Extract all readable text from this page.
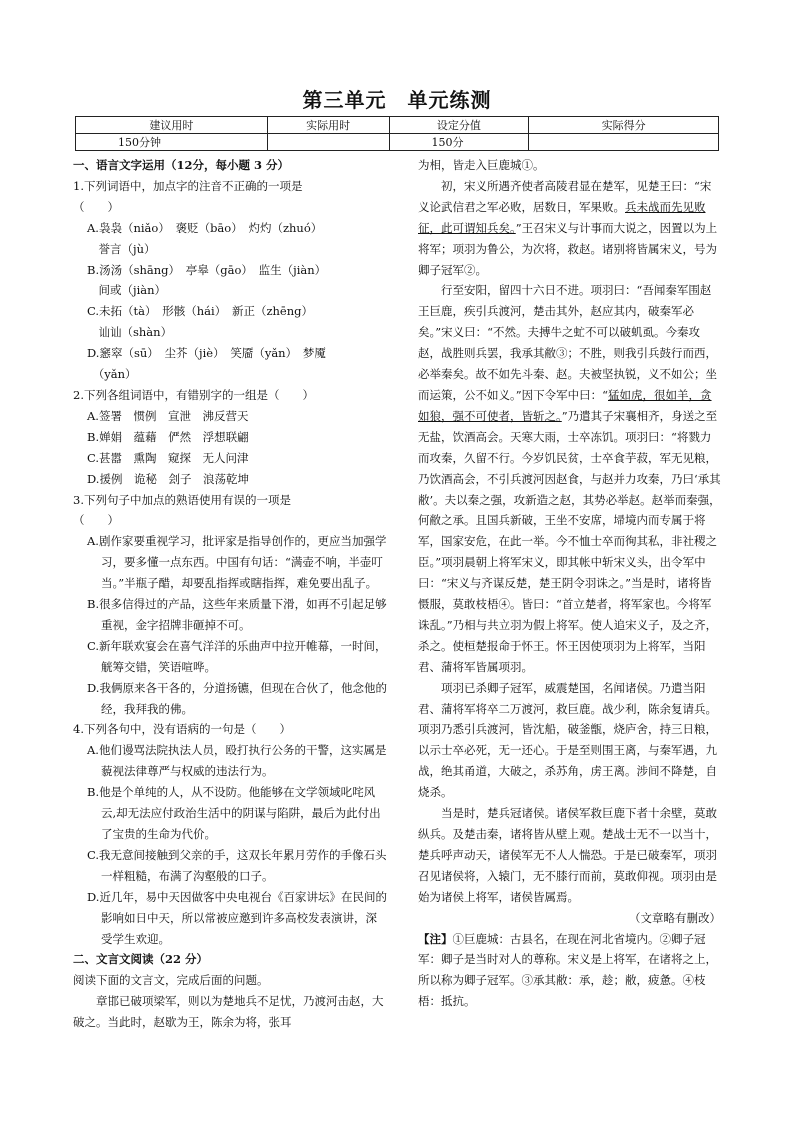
第三单元　单元练测
建议用时	实际用时	设定分值	实际得分
150分钟		150分	
一、语言文字运用（12分，每小题 3 分）
1.下列词语中，加点字的注音不正确的一项是
（　　）
A.袅袅（niǎo）　褒贬（bāo）　灼灼（zhuó）
　誉言（jù）
B.汤汤（shāng）　亭皋（gāo）　监生（jiàn）
　间或（jiàn）
C.未拓（tà）　形骸（hái）　新正（zhēng）
　讪讪（shàn）
D.窸窣（sū）　尘芥（jiè）　笑靥（yǎn）　梦魇
　（yǎn）
2.下列各组词语中，有错别字的一组是（　　）
A.签署　惯例　宣泄　沸反营天
B.婵娟　蕴藉　俨然　浮想联翩
C.甚嚣　熏陶　窥探　无人问津
D.援例　诡秘　刽子　浪荡乾坤
3.下列句子中加点的熟语使用有误的一项是
（　　）
A.剧作家要重视学习，批评家是指导创作的，更应当加强学习，要多懂一点东西。中国有句话：“满壶不响，半壶叮当。”半瓶子醋，却要乱指挥或瞎指挥，难免要出乱子。
B.很多信得过的产品，这些年来质量下滑，如再不引起足够重视，金字招牌非砸掉不可。
C.新年联欢宴会在喜气洋洋的乐曲声中拉开帷幕，一时间，觥筹交错，笑语喧哗。
D.我俩原来各干各的，分道扬镳，但现在合伙了，他念他的经，我拜我的佛。
4.下列各句中，没有语病的一句是（　　）
A.他们谩骂法院执法人员，殴打执行公务的干警，这实属是藐视法律尊严与权威的违法行为。
B.他是个单纯的人，从不设防。他能够在文学领域叱咤风云,却无法应付政治生活中的阴谋与陷阱，最后为此付出了宝贵的生命为代价。
C.我无意间接触到父亲的手，这双长年累月劳作的手像石头一样粗糙，布满了沟壑般的口子。
D.近几年，易中天因做客中央电视台《百家讲坛》在民间的影响如日中天，所以常被应邀到许多高校发表演讲，深受学生欢迎。
二、文言文阅读（22 分）
阅读下面的文言文，完成后面的问题。
章邯已破项梁军，则以为楚地兵不足忧，乃渡河击赵，大破之。当此时，赵歇为王，陈余为将，张耳
为相，皆走入巨鹿城①。
初，宋义所遇齐使者高陵君显在楚军，见楚王曰：“宋义论武信君之军必败，居数日，军果败。兵未战而先见败征，此可谓知兵矣。”王召宋义与计事而大说之，因置以为上将军；项羽为鲁公，为次将，救赵。诸别将皆属宋义，号为卿子冠军②。
行至安阳，留四十六日不进。项羽曰：“吾闻秦军围赵王巨鹿，疾引兵渡河，楚击其外，赵应其内，破秦军必矣。”宋义曰：“不然。夫搏牛之虻不可以破虮虱。今秦攻赵，战胜则兵罢，我承其敝③；不胜，则我引兵鼓行而西，必举秦矣。故不如先斗秦、赵。夫被坚执锐，义不如公；坐而运策，公不如义。”因下令军中曰：“猛如虎，很如羊，贪如狼，强不可使者，皆斩之。”乃遣其子宋襄相齐，身送之至无盐，饮酒高会。天寒大雨，士卒冻饥。项羽曰：“将戮力而攻秦，久留不行。今岁饥民贫，士卒食芋菽，军无见粮，乃饮酒高会，不引兵渡河因赵食，与赵并力攻秦，乃曰‘承其敝’。夫以秦之强，攻新造之赵，其势必举赵。赵举而秦强，何敝之承。且国兵新破，王坐不安席，埽境内而专属于将军，国家安危，在此一举。今不恤士卒而徇其私，非社稷之臣。”项羽晨朝上将军宋义，即其帐中斩宋义头，出令军中曰：“宋义与齐谋反楚，楚王阴令羽诛之。”当是时，诸将皆慑服，莫敢枝梧④。皆曰：“首立楚者，将军家也。今将军诛乱。”乃相与共立羽为假上将军。使人追宋义子，及之齐，杀之。使桓楚报命于怀王。怀王因使项羽为上将军，当阳君、蒲将军皆属项羽。
项羽已杀卿子冠军，威震楚国，名闻诸侯。乃遣当阳君、蒲将军将卒二万渡河，救巨鹿。战少利，陈余复请兵。项羽乃悉引兵渡河，皆沈船，破釜甑，烧庐舍，持三日粮，以示士卒必死，无一还心。于是至则围王离，与秦军遇，九战，绝其甬道，大破之，杀苏角，虏王离。涉间不降楚，自烧杀。
当是时，楚兵冠诸侯。诸侯军救巨鹿下者十余壁，莫敢纵兵。及楚击秦，诸将皆从壁上观。楚战士无不一以当十，楚兵呼声动天，诸侯军无不人人惴恐。于是已破秦军，项羽召见诸侯将，入辕门，无不膝行而前，莫敢仰视。项羽由是始为诸侯上将军，诸侯皆属焉。
（文章略有删改）
【注】①巨鹿城：古县名，在现在河北省境内。②卿子冠军：卿子是当时对人的尊称。宋义是上将军，在诸将之上，所以称为卿子冠军。③承其敝：承，趁；敝，疲惫。④枝梧：抵抗。
